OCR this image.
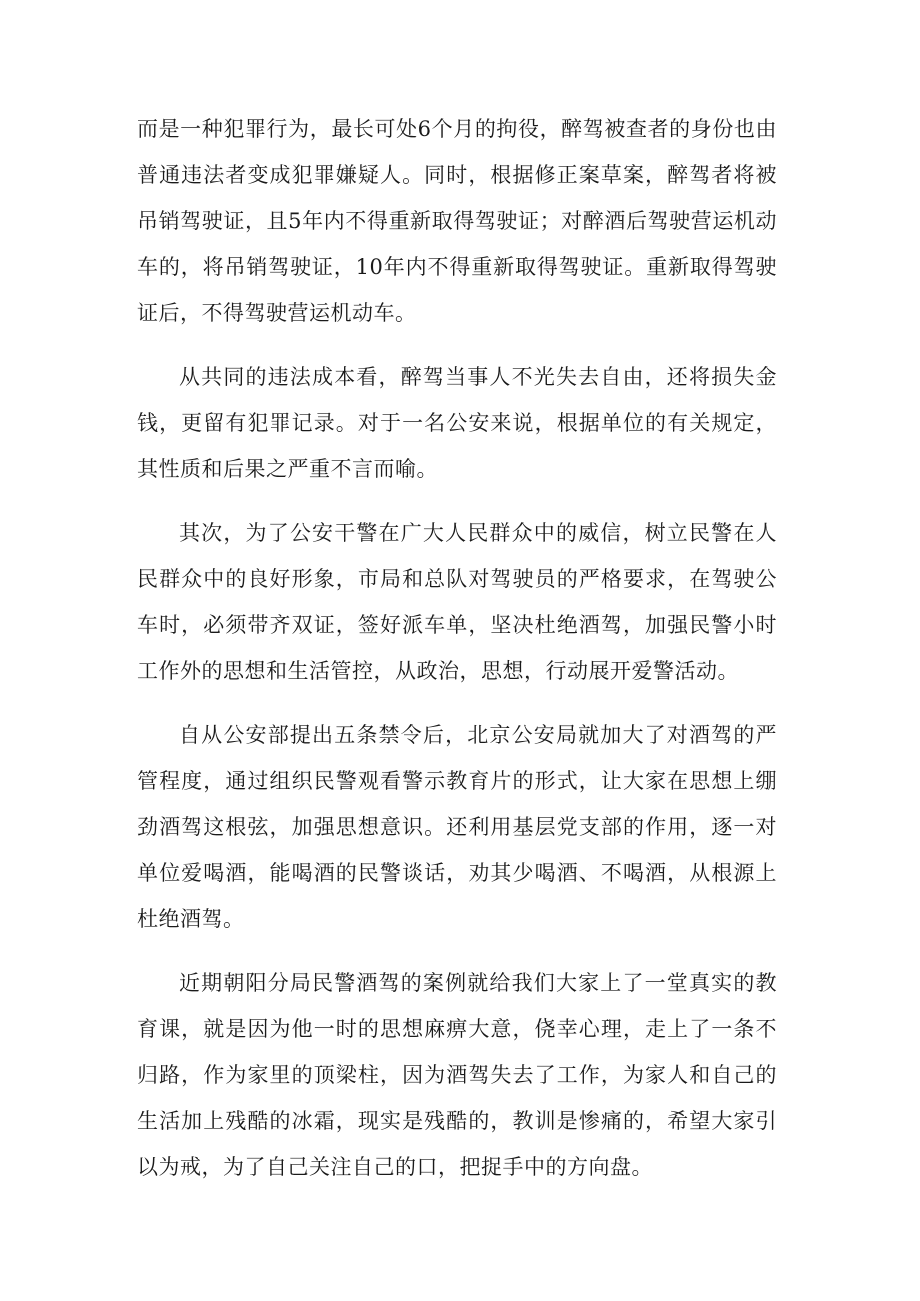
而是一种犯罪行为，最长可处6个月的拘役，醉驾被查者的身份也由普通违法者变成犯罪嫌疑人。同时，根据修正案草案，醉驾者将被吊销驾驶证，且5年内不得重新取得驾驶证；对醉酒后驾驶营运机动车的，将吊销驾驶证，10年内不得重新取得驾驶证。重新取得驾驶证后，不得驾驶营运机动车。

从共同的违法成本看，醉驾当事人不光失去自由，还将损失金钱，更留有犯罪记录。对于一名公安来说，根据单位的有关规定，其性质和后果之严重不言而喻。

其次，为了公安干警在广大人民群众中的威信，树立民警在人民群众中的良好形象，市局和总队对驾驶员的严格要求，在驾驶公车时，必须带齐双证，签好派车单，坚决杜绝酒驾，加强民警小时工作外的思想和生活管控，从政治，思想，行动展开爱警活动。

自从公安部提出五条禁令后，北京公安局就加大了对酒驾的严管程度，通过组织民警观看警示教育片的形式，让大家在思想上绷劲酒驾这根弦，加强思想意识。还利用基层党支部的作用，逐一对单位爱喝酒，能喝酒的民警谈话，劝其少喝酒、不喝酒，从根源上杜绝酒驾。

近期朝阳分局民警酒驾的案例就给我们大家上了一堂真实的教育课，就是因为他一时的思想麻痹大意，侥幸心理，走上了一条不归路，作为家里的顶梁柱，因为酒驾失去了工作，为家人和自己的生活加上残酷的冰霜，现实是残酷的，教训是惨痛的，希望大家引以为戒，为了自己关注自己的口，把捉手中的方向盘。
